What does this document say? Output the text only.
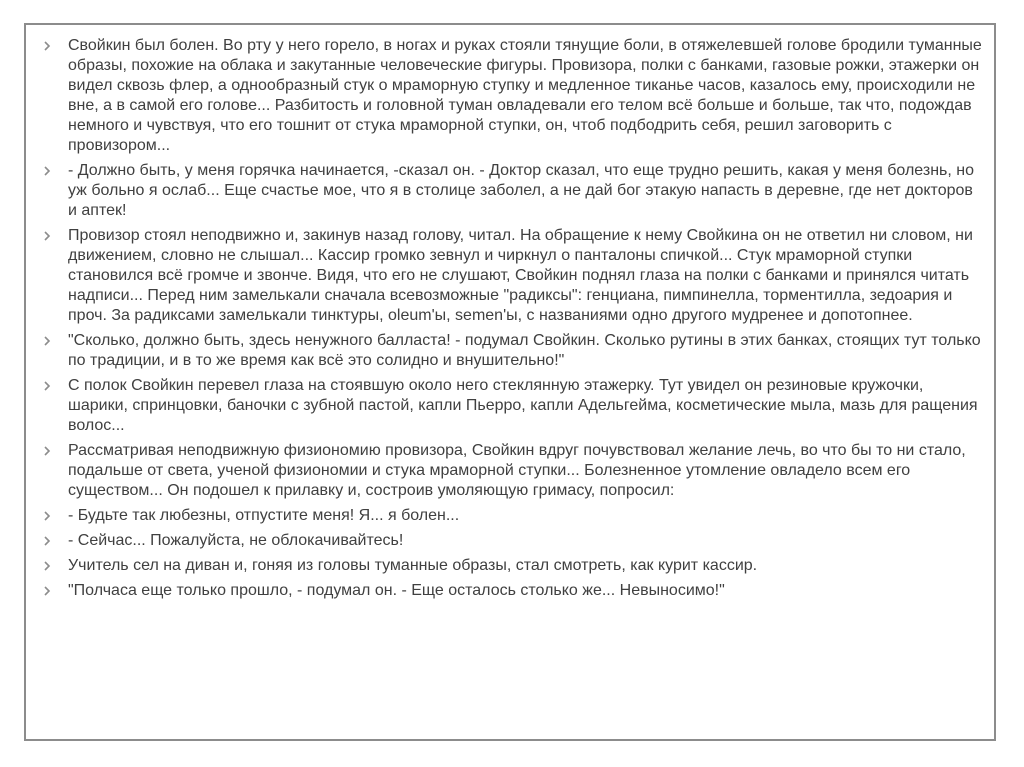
Свойкин был болен. Во рту у него горело, в ногах и руках стояли тянущие боли, в отяжелевшей голове бродили туманные образы, похожие на облака и закутанные человеческие фигуры. Провизора, полки с банками, газовые рожки, этажерки он видел сквозь флер, а однообразный стук о мраморную ступку и медленное тиканье часов, казалось ему, происходили не вне, а в самой его голове... Разбитость и головной туман овладевали его телом всё больше и больше, так что, подождав немного и чувствуя, что его тошнит от стука мраморной ступки, он, чтоб подбодрить себя, решил заговорить с провизором...
- Должно быть, у меня горячка начинается, -сказал он. - Доктор сказал, что еще трудно решить, какая у меня болезнь, но уж больно я ослаб... Еще счастье мое, что я в столице заболел, а не дай бог этакую напасть в деревне, где нет докторов и аптек!
Провизор стоял неподвижно и, закинув назад голову, читал. На обращение к нему Свойкина он не ответил ни словом, ни движением, словно не слышал... Кассир громко зевнул и чиркнул о панталоны спичкой... Стук мраморной ступки становился всё громче и звонче. Видя, что его не слушают, Свойкин поднял глаза на полки с банками и принялся читать надписи... Перед ним замелькали сначала всевозможные "радиксы": генциана, пимпинелла, торментилла, зедоария и проч. За радиксами замелькали тинктуры, oleum'ы, semen'ы, с названиями одно другого мудренее и допотопнее.
"Сколько, должно быть, здесь ненужного балласта! - подумал Свойкин. Сколько рутины в этих банках, стоящих тут только по традиции, и в то же время как всё это солидно и внушительно!"
С полок Свойкин перевел глаза на стоявшую около него стеклянную этажерку. Тут увидел он резиновые кружочки, шарики, спринцовки, баночки с зубной пастой, капли Пьерро, капли Адельгейма, косметические мыла, мазь для ращения волос...
Рассматривая неподвижную физиономию провизора, Свойкин вдруг почувствовал желание лечь, во что бы то ни стало, подальше от света, ученой физиономии и стука мраморной ступки... Болезненное утомление овладело всем его существом... Он подошел к прилавку и, состроив умоляющую гримасу, попросил:
- Будьте так любезны, отпустите меня! Я... я болен...
- Сейчас... Пожалуйста, не облокачивайтесь!
Учитель сел на диван и, гоняя из головы туманные образы, стал смотреть, как курит кассир.
"Полчаса еще только прошло, - подумал он. - Еще осталось столько же... Невыносимо!"
